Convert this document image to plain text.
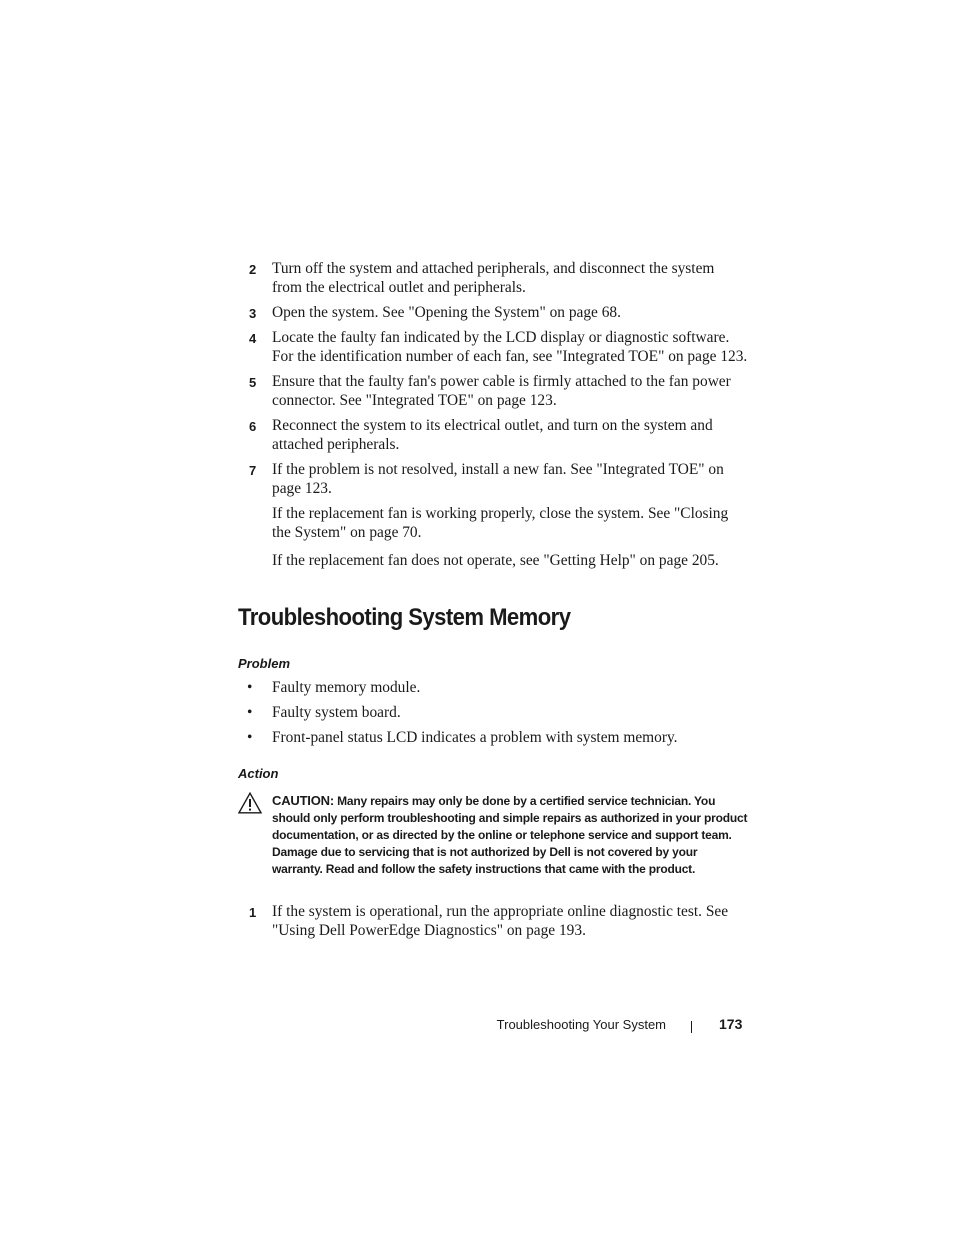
2 Turn off the system and attached peripherals, and disconnect the system from the electrical outlet and peripherals.
3 Open the system. See "Opening the System" on page 68.
4 Locate the faulty fan indicated by the LCD display or diagnostic software. For the identification number of each fan, see "Integrated TOE" on page 123.
5 Ensure that the faulty fan's power cable is firmly attached to the fan power connector. See "Integrated TOE" on page 123.
6 Reconnect the system to its electrical outlet, and turn on the system and attached peripherals.
7 If the problem is not resolved, install a new fan. See "Integrated TOE" on page 123.
If the replacement fan is working properly, close the system. See "Closing the System" on page 70.
If the replacement fan does not operate, see "Getting Help" on page 205.
Troubleshooting System Memory
Problem
• Faulty memory module.
• Faulty system board.
• Front-panel status LCD indicates a problem with system memory.
Action
CAUTION: Many repairs may only be done by a certified service technician. You should only perform troubleshooting and simple repairs as authorized in your product documentation, or as directed by the online or telephone service and support team. Damage due to servicing that is not authorized by Dell is not covered by your warranty. Read and follow the safety instructions that came with the product.
1 If the system is operational, run the appropriate online diagnostic test. See "Using Dell PowerEdge Diagnostics" on page 193.
Troubleshooting Your System	173
